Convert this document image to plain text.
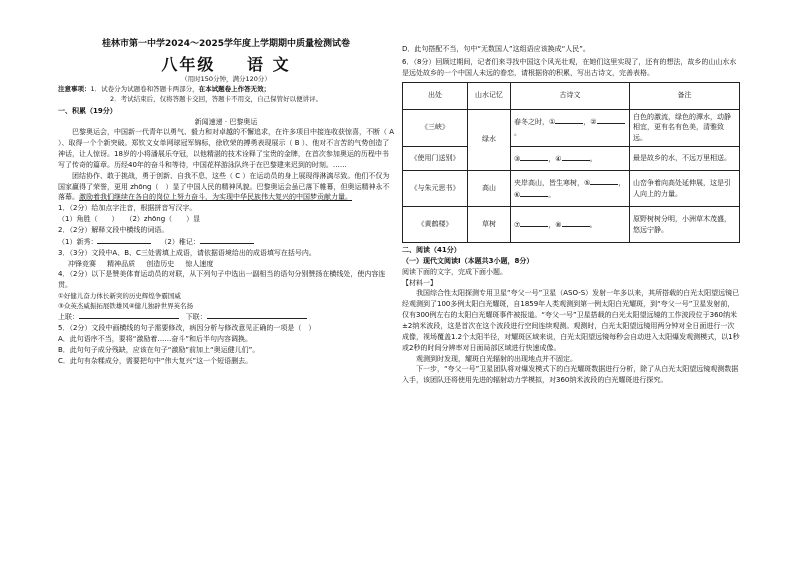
桂林市第一中学2024～2025学年度上学期期中质量检测试卷
八年级 语 文
（用时150分钟，满分120分）
注意事项：1．试卷分为试题卷和答题卡两部分，在本试题卷上作答无效；
2．考试结束后，仅将答题卡交回，答题卡不用交，自己保管好以便讲评。
一、积累（19分）
新闻速递 · 巴黎奥运

巴黎奥运会，中国新一代青年以勇气、毅力和对卓越的不懈追求，在许多项目中接连收获惊喜，不断（ A ）、取得一个个新突破。郑钦文女单网球冠军锦标，徐欣荣的搏勇表现展示（ B ）、他对不言苦的气势创造了神话，让人惊讶。18岁的小将潘展乐夺冠，以他精湛的技术诠释了宝贵的金牌，在首次参加奥运的历程中书写了传奇的篇章。历经40年的奋斗和等待，中国花样游泳队终于在巴黎建来迟到的时刻。……

团结协作、敢于挑战，勇于创新、自我不息，这些（ C ）在运动员的身上展现得淋漓尽致。他们不仅为国家赢得了荣誉，更用 zhōng（　）显了中国人民的精神风貌。巴黎奥运会虽已落下帷幕，但奥运精神永不落幕。激励着我们继续在各自的岗位上努力奋斗，为实现中华民族伟大复兴的中国梦贡献力量。

1．（2分）给加点字注音，根据拼音写汉字。

（1）角胜（　　）　　（2）zhōng（　　）显

2．（2分）解释文段中横线的词语。

（1）新秀：	（2）稚记：

3．（3分）文段中A、B、C三处需填上成语，请依据语境给出的成语填写在括号内。

冲锋竞赛 精神品质 创造历史 惊人速度

4．（2分）以下是赞美体育运动员的对联，从下列句子中选出一副相当的语句分别赞扬在横线处，使内容连贯。

①好健儿奋力体长新突的历史辉煌争霸国威

③众英杰威振拓展铁雄风④健儿独辟世界英名扬

上联：	下联：

5．（2分）文段中画横线的句子需要修改，病因分析与修改意见正确的一项是（　）

A．此句语序不当，要将“激励着……奋斗”和后半句内容调换。

B．此句句子成分残缺，应该在句子“激励”前加上“奥运健儿们”。

C．此句有杂糅成分，需要把句中“伟大复兴”这一个短语删去。

D．此句搭配不当，句中“无数国人”这组语应该换成“人民”。

6．（8分）回顾过期间，记者们来寻找中国这个风光壮观，在她们这里实现了，还有的想法，故乡的山山水水是远处故乡的一个中国人未远的眷恋，请根据你的积累，写出古诗文，完善表格。

出处	山水记忆	古诗文	备注
《三峡》	绿水	春冬之时，① ，②。	白色的激流，绿色的潭水，动静相宜，更有名有色美，清雅致远。
《使用门送别》		③ ，④ 。	最是故乡的水，不远万里相送。
《与朱元思书》	高山	夹岸高山，皆生寒树，⑤ ，⑥ 。	山峦争着向高处延伸展，这是引人向上的力量。
《黄鹤楼》	草树	⑦ ，⑧ 。	原野树树分明，小洲草木茂盛，悠远宁静。
二、阅读（41分）

（一）现代文阅读Ⅰ（本题共3小题，8分）

阅读下面的文字，完成下面小题。

【材料一】

我国综合性太阳探测专用卫星“夸父一号”卫星（ASO-S）发射一年多以来，其所搭载的白光太阳望远镜已经观测到了100多例太阳白光耀斑，自1859年人类观测到第一例太阳白光耀斑，到“夸父一号”卫星发射前，仅有300例左右的太阳白光耀斑事件被报道。“夸父一号”卫星搭载的白光太阳望远镜的工作波段位于360纳米±2纳米波段，这是首次在这个波段进行空间连续观测。观测时，白光太阳望远镜用两分钟对全日面进行一次成像，视场覆盖1.2个太阳半径，对耀斑区域来说，白光太阳望远镜每秒会自动进入太阳爆发观测模式，以1秒或2秒的时间分辨率对日面局部区域进行快速成像。

观测到时发现，耀斑白光辐射的出现地点并不固定。

下一步，“夸父一号”卫星团队将对爆发模式下的白光耀斑数据进行分析，除了从白光太阳望远镜观测数据入手，该团队还将使用先进的辐射动力学模拟，对360纳米波段的白光耀斑进行探究。
